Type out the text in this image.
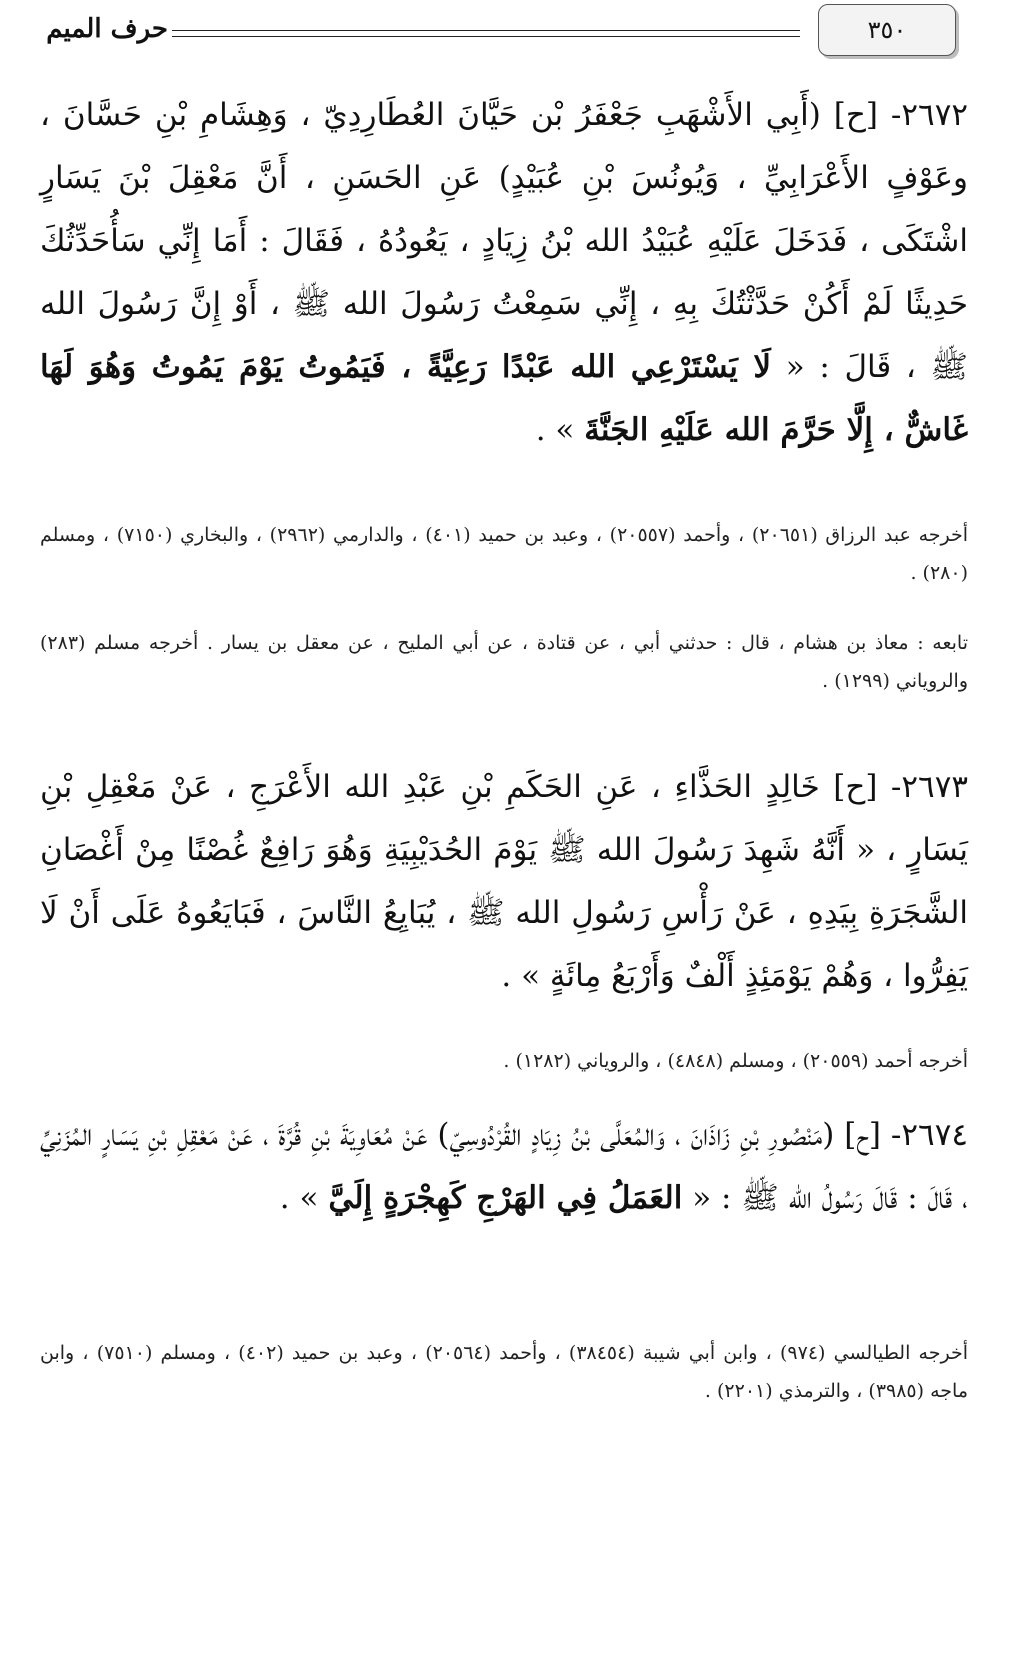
٣٥٠
حرف الميم
٢٦٧٢- [ح] (أَبِي الأَشْهَبِ جَعْفَرُ بْن حَيَّانَ العُطَارِدِيّ ، وَهِشَامِ بْنِ حَسَّانَ ، وعَوْفٍ الأَعْرَابِيِّ ، وَيُونُسَ بْنِ عُبَيْدٍ) عَنِ الحَسَنِ ، أَنَّ مَعْقِلَ بْنَ يَسَارٍ اشْتَكَى ، فَدَخَلَ عَلَيْهِ عُبَيْدُ الله بْنُ زِيَادٍ ، يَعُودُهُ ، فَقَالَ : أَمَا إِنِّي سَأُحَدِّثُكَ حَدِيثًا لَمْ أَكُنْ حَدَّثْتُكَ بِهِ ، إِنِّي سَمِعْتُ رَسُولَ الله ﷺ ، أَوْ إِنَّ رَسُولَ الله ﷺ ، قَالَ : « لَا يَسْتَرْعِي الله عَبْدًا رَعِيَّةً ، فَيَمُوتُ يَوْمَ يَمُوتُ وَهُوَ لَهَا غَاشٌّ ، إِلَّا حَرَّمَ الله عَلَيْهِ الجَنَّةَ » .
أخرجه عبد الرزاق (٢٠٦٥١) ، وأحمد (٢٠٥٥٧) ، وعبد بن حميد (٤٠١) ، والدارمي (٢٩٦٢) ، والبخاري (٧١٥٠) ، ومسلم (٢٨٠) .
تابعه : معاذ بن هشام ، قال : حدثني أبي ، عن قتادة ، عن أبي المليح ، عن معقل بن يسار . أخرجه مسلم (٢٨٣) والروياني (١٢٩٩) .
٢٦٧٣- [ح] خَالِدٍ الحَذَّاءِ ، عَنِ الحَكَمِ بْنِ عَبْدِ الله الأَعْرَجِ ، عَنْ مَعْقِلِ بْنِ يَسَارٍ ، « أَنَّهُ شَهِدَ رَسُولَ الله ﷺ يَوْمَ الحُدَيْبِيَةِ وَهُوَ رَافِعٌ غُصْنًا مِنْ أَغْصَانِ الشَّجَرَةِ بِيَدِهِ ، عَنْ رَأْسِ رَسُولِ الله ﷺ ، يُبَايِعُ النَّاسَ ، فَبَايَعُوهُ عَلَى أَنْ لَا يَفِرُّوا ، وَهُمْ يَوْمَئِذٍ أَلْفٌ وَأَرْبَعُ مِائَةٍ » .
أخرجه أحمد (٢٠٥٥٩) ، ومسلم (٤٨٤٨) ، والروياني (١٢٨٢) .
٢٦٧٤- [ح] (مَنْصُورِ بْنِ زَاذَانَ ، وَالمُعَلَّى بْنُ زِيَادٍ القُرْدُوسِيّ) عَنْ مُعَاوِيَةَ بْنِ قُرَّةَ ، عَنْ مَعْقِلِ بْنِ يَسَارٍ المُزَنِيِّ ، قَالَ : قَالَ رَسُولُ الله ﷺ : « العَمَلُ فِي الهَرْجِ كَهِجْرَةٍ إِلَيَّ » .
أخرجه الطيالسي (٩٧٤) ، وابن أبي شيبة (٣٨٤٥٤) ، وأحمد (٢٠٥٦٤) ، وعبد بن حميد (٤٠٢) ، ومسلم (٧٥١٠) ، وابن ماجه (٣٩٨٥) ، والترمذي (٢٢٠١) .
